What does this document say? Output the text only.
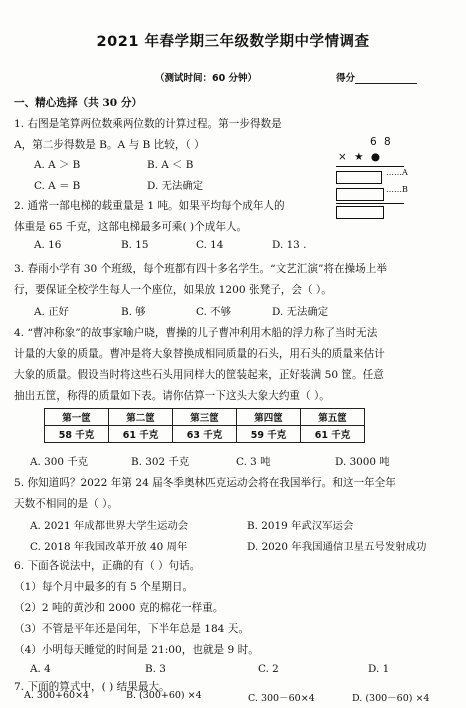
2021 年春学期三年级数学期中学情调查
（测试时间：60 分钟）	得分
一、精心选择（共 30 分）
1. 右图是笔算两位数乘两位数的计算过程。第一步得数是
A，第二步得数是 B。A 与 B 比较，（ ）
A. A ＞ B	B. A ＜ B
C. A ＝ B	D. 无法确定
6 8
× ★ ●
……A
……B
2. 通常一部电梯的载重量是 1 吨。如果平均每个成年人的
体重是 65 千克，这部电梯最多可乘( )个成年人。
A. 16	B. 15	C. 14	D. 13 .
3. 春雨小学有 30 个班级，每个班都有四十多名学生。“文艺汇演”将在操场上举
行，要保证全校学生每人一个座位，如果放 1200 张凳子，会（ ）。
A. 正好	B. 够	C. 不够	D. 无法确定
4. “曹冲称象”的故事家喻户晓，曹操的儿子曹冲利用木船的浮力称了当时无法
计量的大象的质量。曹冲是将大象替换成相同质量的石头，用石头的质量来估计
大象的质量。假设当时将这些石头用同样大的筐装起来，正好装满 50 筐。任意
抽出五筐，称得的质量如下表。请你估算一下这头大象大约重（ ）。
第一筐	第二筐	第三筐	第四筐	第五筐
58 千克	61 千克	63 千克	59 千克	61 千克
A. 300 千克	B. 302 千克	C. 3 吨	D. 3000 吨
5. 你知道吗？2022 年第 24 届冬季奥林匹克运动会将在我国举行。和这一年全年
天数不相同的是（ ）。
A. 2021 年成都世界大学生运动会	B. 2019 年武汉军运会
C. 2018 年我国改革开放 40 周年	D. 2020 年我国通信卫星五号发射成功
6. 下面各说法中，正确的有（ ）句话。
（1）每个月中最多的有 5 个星期日。
（2）2 吨的黄沙和 2000 克的棉花一样重。
（3）不管是平年还是闰年，下半年总是 184 天。
（4）小明每天睡觉的时间是 21:00，也就是 9 时。
A. 4	B. 3	C. 2	D. 1
7. 下面的算式中，( ) 结果最大。
A. 300+60×4	B. (300+60) ×4	C. 300－60×4	D. (300－60) ×4
